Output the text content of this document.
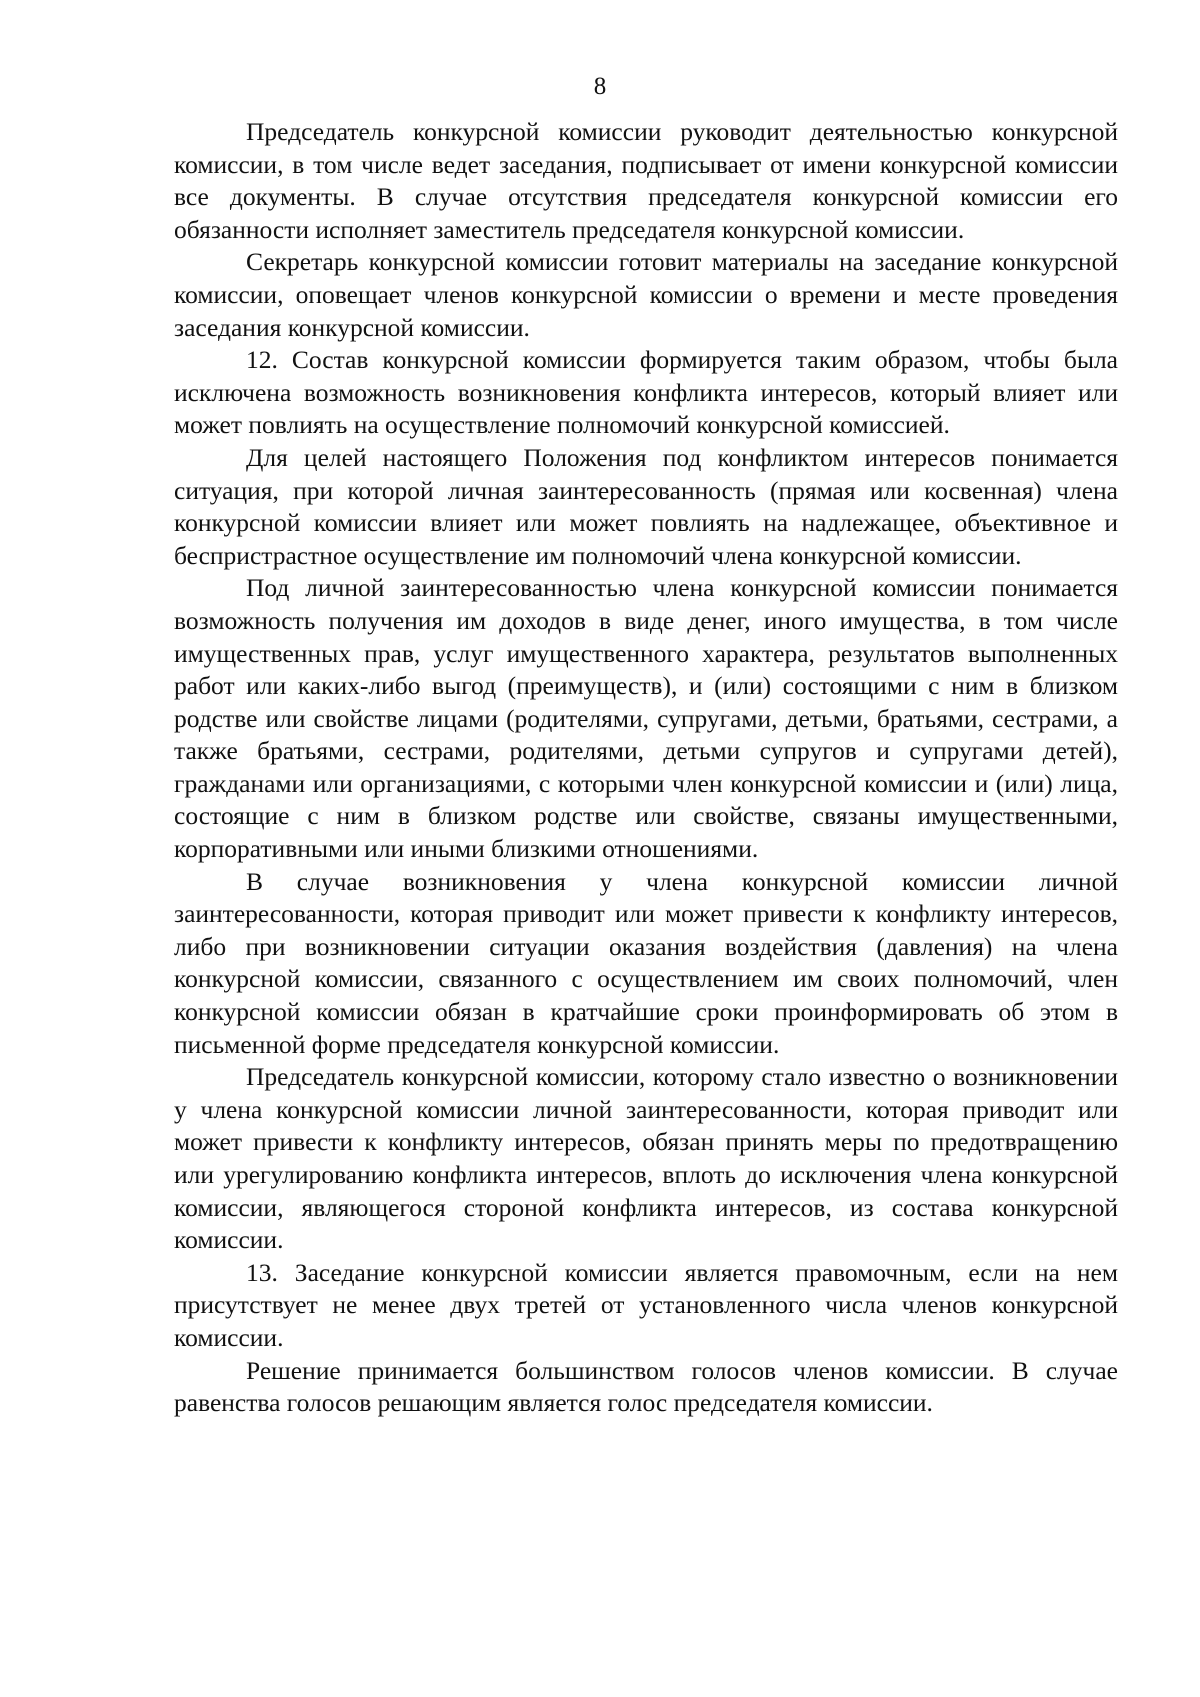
8

Председатель конкурсной комиссии руководит деятельностью конкурсной комиссии, в том числе ведет заседания, подписывает от имени конкурсной комиссии все документы. В случае отсутствия председателя конкурсной комиссии его обязанности исполняет заместитель председателя конкурсной комиссии.

Секретарь конкурсной комиссии готовит материалы на заседание конкурсной комиссии, оповещает членов конкурсной комиссии о времени и месте проведения заседания конкурсной комиссии.

12. Состав конкурсной комиссии формируется таким образом, чтобы была исключена возможность возникновения конфликта интересов, который влияет или может повлиять на осуществление полномочий конкурсной комиссией.

Для целей настоящего Положения под конфликтом интересов понимается ситуация, при которой личная заинтересованность (прямая или косвенная) члена конкурсной комиссии влияет или может повлиять на надлежащее, объективное и беспристрастное осуществление им полномочий члена конкурсной комиссии.

Под личной заинтересованностью члена конкурсной комиссии понимается возможность получения им доходов в виде денег, иного имущества, в том числе имущественных прав, услуг имущественного характера, результатов выполненных работ или каких-либо выгод (преимуществ), и (или) состоящими с ним в близком родстве или свойстве лицами (родителями, супругами, детьми, братьями, сестрами, а также братьями, сестрами, родителями, детьми супругов и супругами детей), гражданами или организациями, с которыми член конкурсной комиссии и (или) лица, состоящие с ним в близком родстве или свойстве, связаны имущественными, корпоративными или иными близкими отношениями.

В случае возникновения у члена конкурсной комиссии личной заинтересованности, которая приводит или может привести к конфликту интересов, либо при возникновении ситуации оказания воздействия (давления) на члена конкурсной комиссии, связанного с осуществлением им своих полномочий, член конкурсной комиссии обязан в кратчайшие сроки проинформировать об этом в письменной форме председателя конкурсной комиссии.

Председатель конкурсной комиссии, которому стало известно о возникновении у члена конкурсной комиссии личной заинтересованности, которая приводит или может привести к конфликту интересов, обязан принять меры по предотвращению или урегулированию конфликта интересов, вплоть до исключения члена конкурсной комиссии, являющегося стороной конфликта интересов, из состава конкурсной комиссии.

13. Заседание конкурсной комиссии является правомочным, если на нем присутствует не менее двух третей от установленного числа членов конкурсной комиссии.

Решение принимается большинством голосов членов комиссии. В случае равенства голосов решающим является голос председателя комиссии.
